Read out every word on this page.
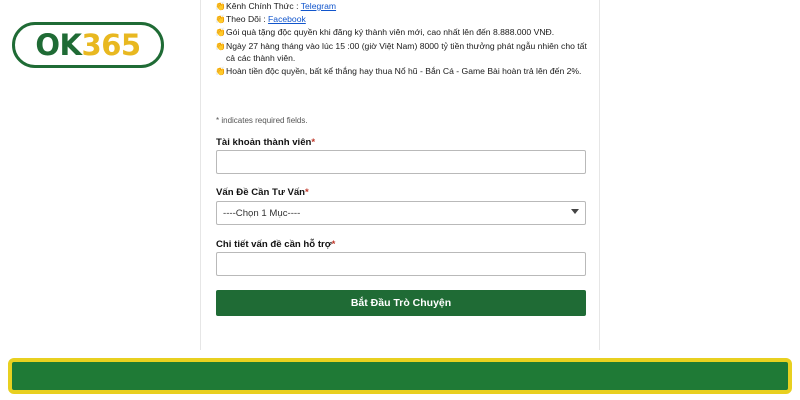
OK365
👏 Kênh Chính Thức : Telegram
👏 Theo Dõi : Facebook
👏 Gói quà tặng độc quyền khi đăng ký thành viên mới, cao nhất lên đến 8.888.000 VNĐ.
👏 Ngày 27 hàng tháng vào lúc 15 :00 (giờ Việt Nam) 8000 tỷ tiền thưởng phát ngẫu nhiên cho tất cả các thành viên.
👏 Hoàn tiền độc quyền, bất kể thắng hay thua Nổ hũ - Bắn Cá - Game Bài hoàn trả lên đến 2%.
* indicates required fields.
Tài khoản thành viên*
Vấn Đề Cần Tư Vấn*
----Chọn 1 Mục----
Chi tiết vấn đề cần hỗ trợ*
Bắt Đầu Trò Chuyện
